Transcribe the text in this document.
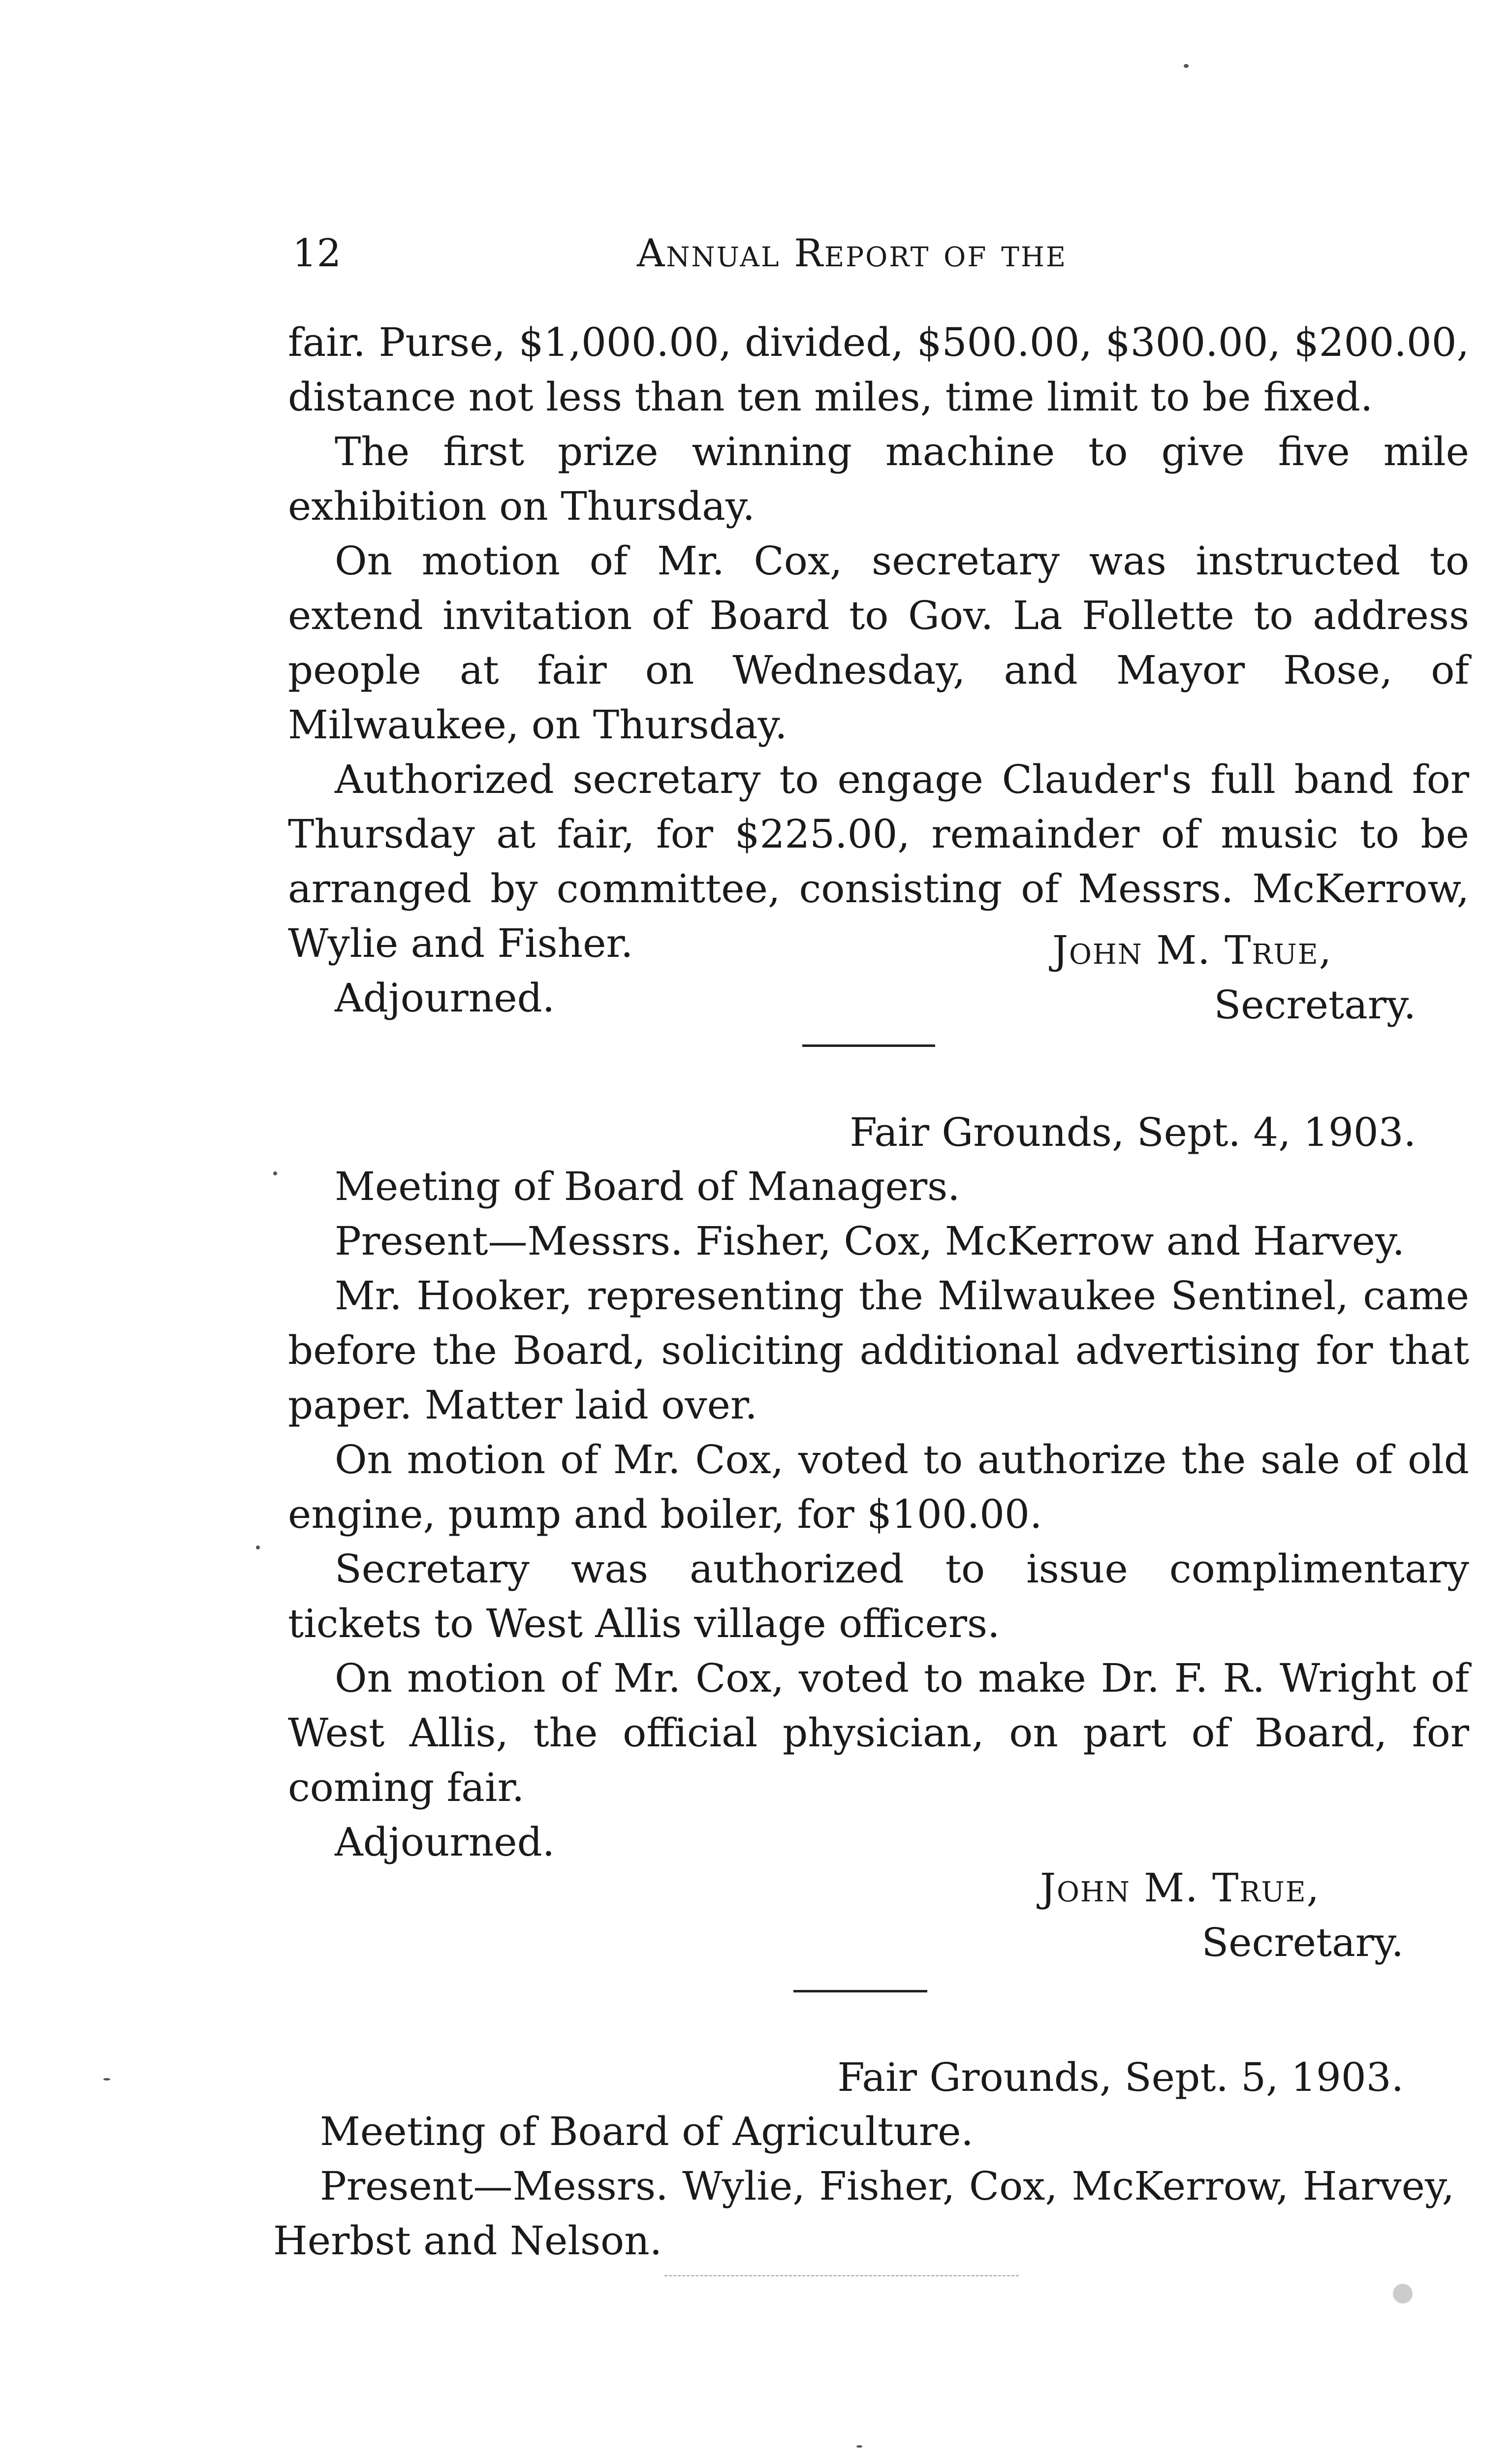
12	Annual Report of the

fair. Purse, $1,000.00, divided, $500.00, $300.00, $200.00, distance not less than ten miles, time limit to be fixed.

The first prize winning machine to give five mile exhibition on Thursday.

On motion of Mr. Cox, secretary was instructed to extend invitation of Board to Gov. La Follette to address people at fair on Wednesday, and Mayor Rose, of Milwaukee, on Thursday.

Authorized secretary to engage Clauder's full band for Thursday at fair, for $225.00, remainder of music to be arranged by committee, consisting of Messrs. McKerrow, Wylie and Fisher.

Adjourned.

John M. True,
Secretary.
Fair Grounds, Sept. 4, 1903.

Meeting of Board of Managers.

Present—Messrs. Fisher, Cox, McKerrow and Harvey.

Mr. Hooker, representing the Milwaukee Sentinel, came before the Board, soliciting additional advertising for that paper. Matter laid over.

On motion of Mr. Cox, voted to authorize the sale of old engine, pump and boiler, for $100.00.

Secretary was authorized to issue complimentary tickets to West Allis village officers.

On motion of Mr. Cox, voted to make Dr. F. R. Wright of West Allis, the official physician, on part of Board, for coming fair.

Adjourned.

John M. True,
Secretary.
Fair Grounds, Sept. 5, 1903.

Meeting of Board of Agriculture.

Present—Messrs. Wylie, Fisher, Cox, McKerrow, Harvey, Herbst and Nelson.
